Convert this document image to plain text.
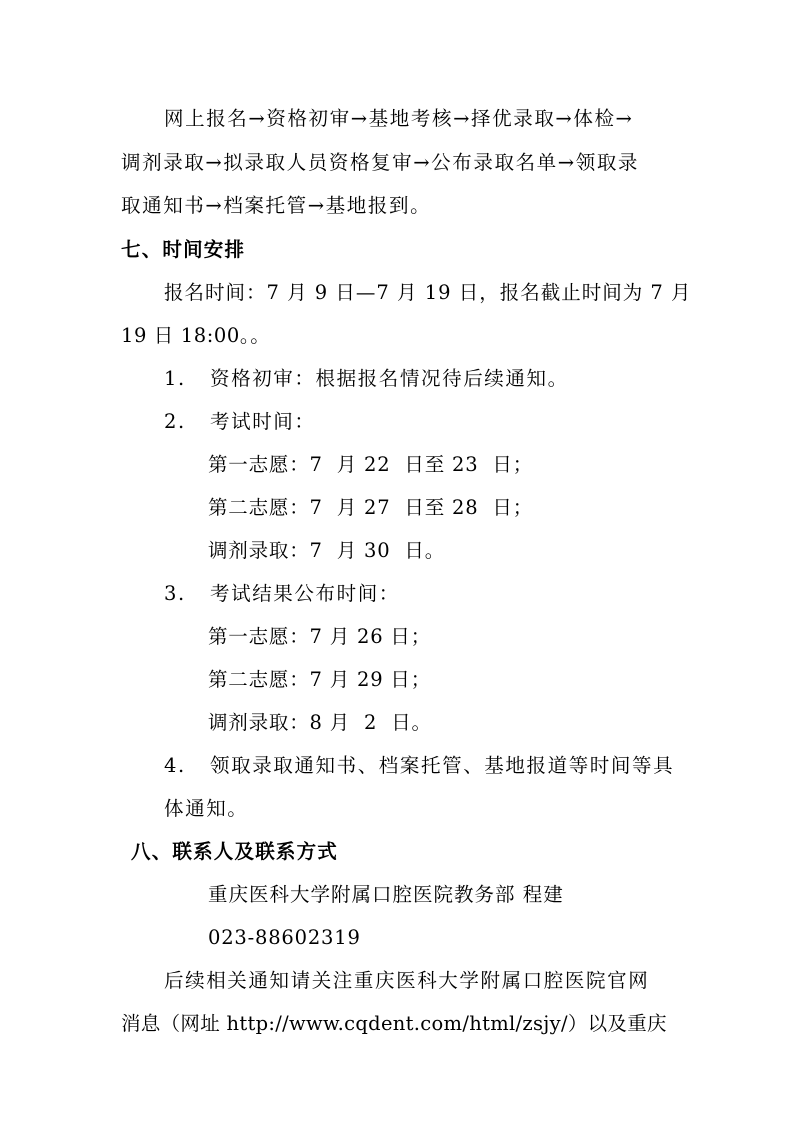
网上报名→资格初审→基地考核→择优录取→体检→
调剂录取→拟录取人员资格复审→公布录取名单→领取录
取通知书→档案托管→基地报到。
七、时间安排
报名时间：7 月 9 日—7 月 19 日，报名截止时间为 7 月
19 日 18:00。。
1. 资格初审：根据报名情况待后续通知。
2. 考试时间：
第一志愿：7  月 22  日至 23  日；
第二志愿：7  月 27  日至 28  日；
调剂录取：7  月 30  日。
3. 考试结果公布时间：
第一志愿：7 月 26 日；
第二志愿：7 月 29 日；
调剂录取：8 月  2  日。
4. 领取录取通知书、档案托管、基地报道等时间等具
体通知。
八、联系人及联系方式
重庆医科大学附属口腔医院教务部 程建
023-88602319
后续相关通知请关注重庆医科大学附属口腔医院官网
消息（网址 http://www.cqdent.com/html/zsjy/）以及重庆
